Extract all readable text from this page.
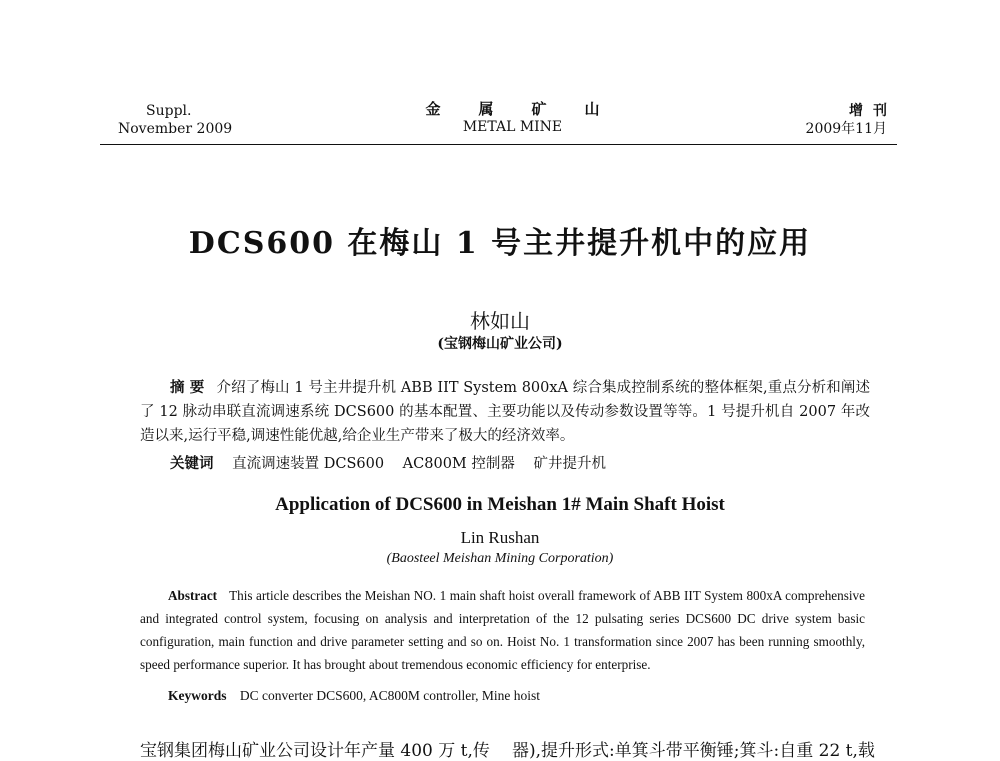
Suppl.
November 2009
金属矿山
METAL MINE
增刊
2009年11月
DCS600 在梅山 1 号主井提升机中的应用
林如山
(宝钢梅山矿业公司)
摘 要 介绍了梅山 1 号主井提升机 ABB IIT System 800xA 综合集成控制系统的整体框架,重点分析和阐述了 12 脉动串联直流调速系统 DCS600 的基本配置、主要功能以及传动参数设置等等。1 号提升机自 2007 年改造以来,运行平稳,调速性能优越,给企业生产带来了极大的经济效率。
关键词 直流调速装置 DCS600 AC800M 控制器 矿井提升机
Application of DCS600 in Meishan 1# Main Shaft Hoist
Lin Rushan
(Baosteel Meishan Mining Corporation)
Abstract This article describes the Meishan NO. 1 main shaft hoist overall framework of ABB IIT System 800xA comprehensive and integrated control system, focusing on analysis and interpretation of the 12 pulsating series DCS600 DC drive system basic configuration, main function and drive parameter setting and so on. Hoist No. 1 transformation since 2007 has been running smoothly, speed performance superior. It has brought about tremendous economic efficiency for enterprise.
Keywords DC converter DCS600, AC800M controller, Mine hoist
宝钢集团梅山矿业公司设计年产量 400 万 t,传 器),提升形式:单箕斗带平衡锤;箕斗:自重 22 t,载
